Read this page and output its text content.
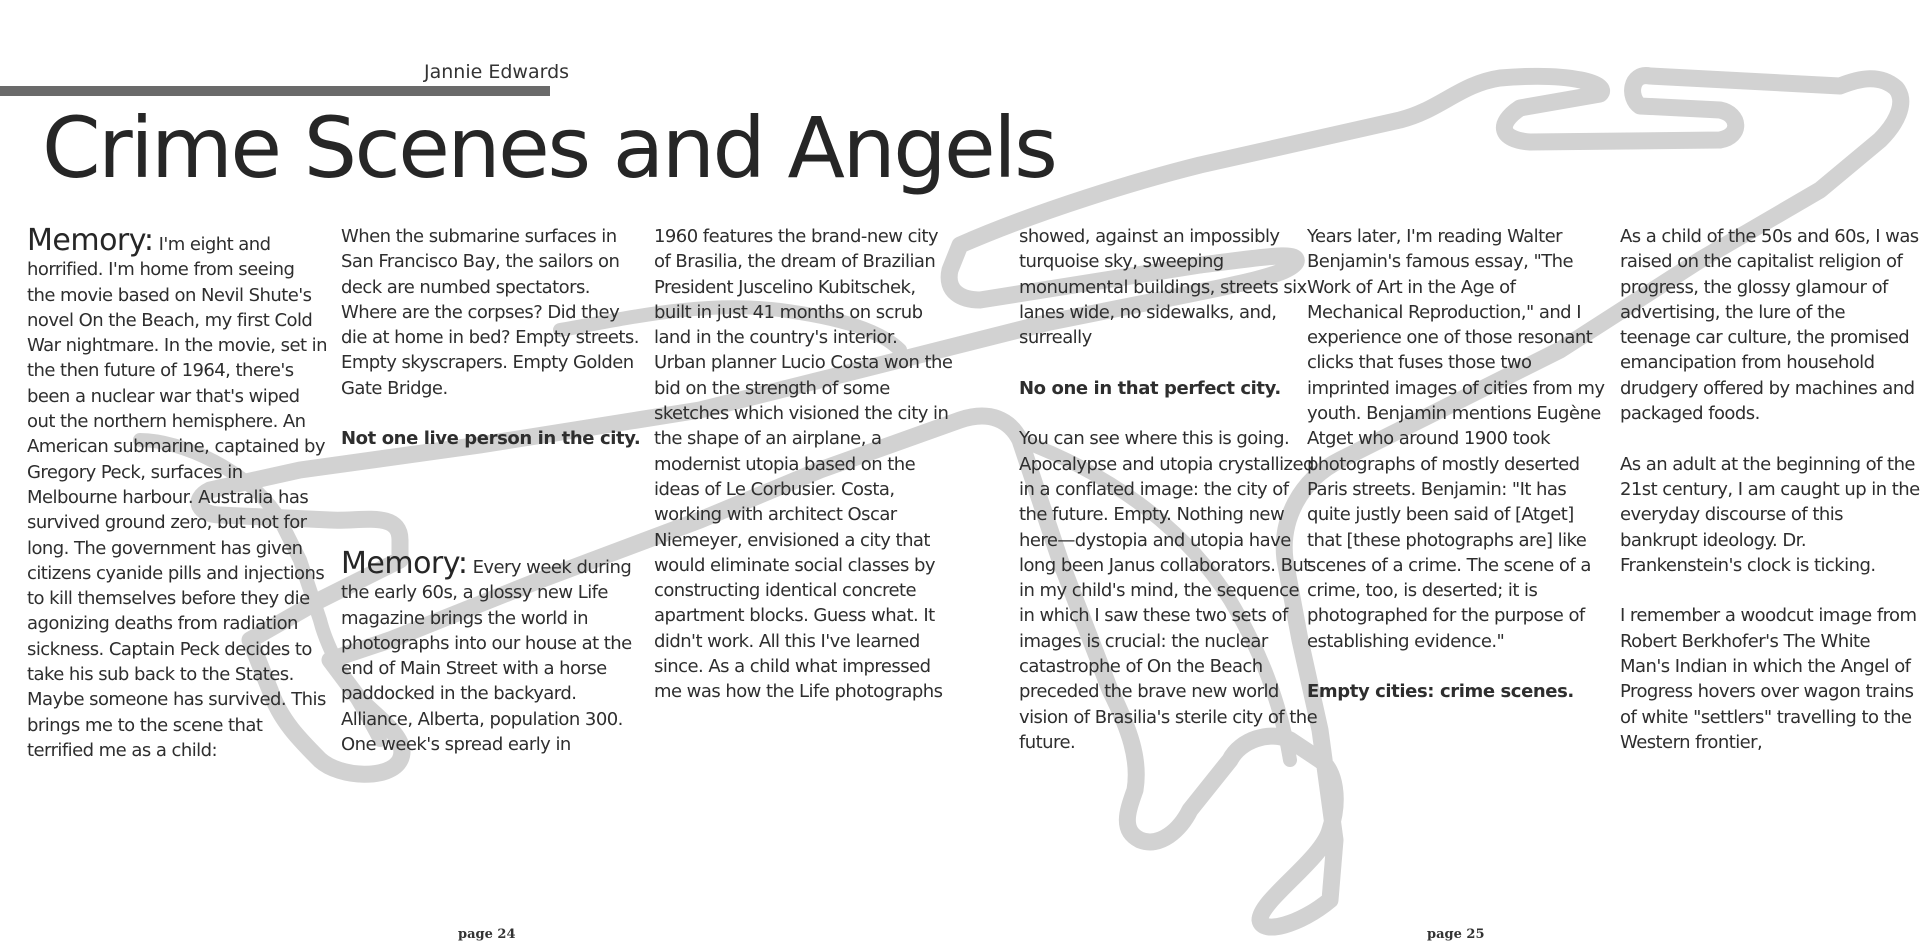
Jannie Edwards
Crime Scenes and Angels

Memory: I'm eight and horrified. I'm home from seeing the movie based on Nevil Shute's novel On the Beach, my first Cold War nightmare. In the movie, set in the then future of 1964, there's been a nuclear war that's wiped out the northern hemisphere. An American submarine, captained by Gregory Peck, surfaces in Melbourne harbour. Australia has survived ground zero, but not for long. The government has given citizens cyanide pills and injections to kill themselves before they die agonizing deaths from radiation sickness. Captain Peck decides to take his sub back to the States. Maybe someone has survived. This brings me to the scene that terrified me as a child:

When the submarine surfaces in San Francisco Bay, the sailors on deck are numbed spectators. Where are the corpses? Did they die at home in bed? Empty streets. Empty skyscrapers. Empty Golden Gate Bridge.

Not one live person in the city.

Memory: Every week during the early 60s, a glossy new Life magazine brings the world in photographs into our house at the end of Main Street with a horse paddocked in the backyard. Alliance, Alberta, population 300. One week's spread early in

1960 features the brand-new city of Brasilia, the dream of Brazilian President Juscelino Kubitschek, built in just 41 months on scrub land in the country's interior. Urban planner Lucio Costa won the bid on the strength of some sketches which visioned the city in the shape of an airplane, a modernist utopia based on the ideas of Le Corbusier. Costa, working with architect Oscar Niemeyer, envisioned a city that would eliminate social classes by constructing identical concrete apartment blocks. Guess what. It didn't work. All this I've learned since. As a child what impressed me was how the Life photographs

showed, against an impossibly turquoise sky, sweeping monumental buildings, streets six lanes wide, no sidewalks, and, surreally

No one in that perfect city.

You can see where this is going. Apocalypse and utopia crystallized in a conflated image: the city of the future. Empty. Nothing new here—dystopia and utopia have long been Janus collaborators. But in my child's mind, the sequence in which I saw these two sets of images is crucial: the nuclear catastrophe of On the Beach preceded the brave new world vision of Brasilia's sterile city of the future.

Years later, I'm reading Walter Benjamin's famous essay, "The Work of Art in the Age of Mechanical Reproduction," and I experience one of those resonant clicks that fuses those two imprinted images of cities from my youth. Benjamin mentions Eugène Atget who around 1900 took photographs of mostly deserted Paris streets. Benjamin: "It has quite justly been said of [Atget] that [these photographs are] like scenes of a crime. The scene of a crime, too, is deserted; it is photographed for the purpose of establishing evidence."

Empty cities: crime scenes.

As a child of the 50s and 60s, I was raised on the capitalist religion of progress, the glossy glamour of advertising, the lure of the teenage car culture, the promised emancipation from household drudgery offered by machines and packaged foods.

As an adult at the beginning of the 21st century, I am caught up in the everyday discourse of this bankrupt ideology. Dr. Frankenstein's clock is ticking.

I remember a woodcut image from Robert Berkhofer's The White Man's Indian in which the Angel of Progress hovers over wagon trains of white "settlers" travelling to the Western frontier,

page 24	page 25
